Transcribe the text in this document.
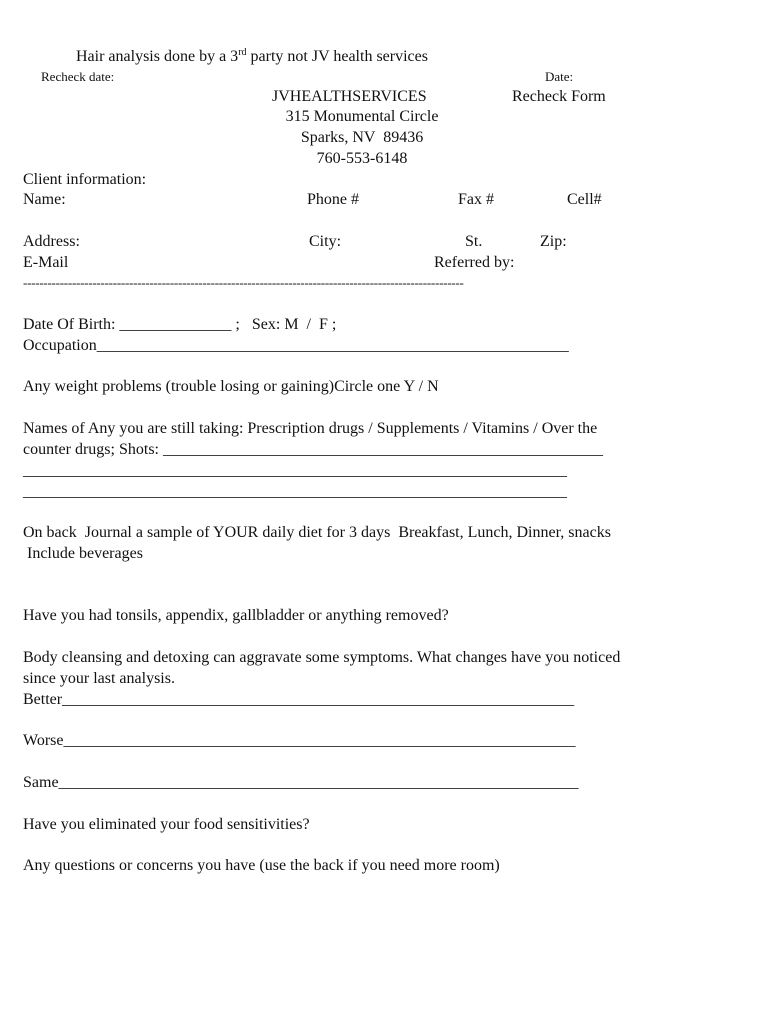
Hair analysis done by a 3rd party not JV health services
Recheck date:	Date:
JVHEALTHSERVICES	Recheck Form
315 Monumental Circle
Sparks, NV  89436
760-553-6148
Client information:
Name:	Phone #	Fax #	Cell#
Address:	City:	St.	Zip:
E-Mail	Referred by:
------------------------------------------------------------------------------------------------------------
Date Of Birth: ______________ ;   Sex: M  /  F ;
Occupation___________________________________________________________
Any weight problems (trouble losing or gaining)Circle one Y / N
Names of Any you are still taking: Prescription drugs / Supplements / Vitamins / Over the
counter drugs; Shots: _______________________________________________________
____________________________________________________________________
____________________________________________________________________
On back  Journal a sample of YOUR daily diet for 3 days  Breakfast, Lunch, Dinner, snacks
Include beverages
Have you had tonsils, appendix, gallbladder or anything removed?
Body cleansing and detoxing can aggravate some symptoms. What changes have you noticed
since your last analysis.
Better________________________________________________________________
Worse________________________________________________________________
Same_________________________________________________________________
Have you eliminated your food sensitivities?
Any questions or concerns you have (use the back if you need more room)
